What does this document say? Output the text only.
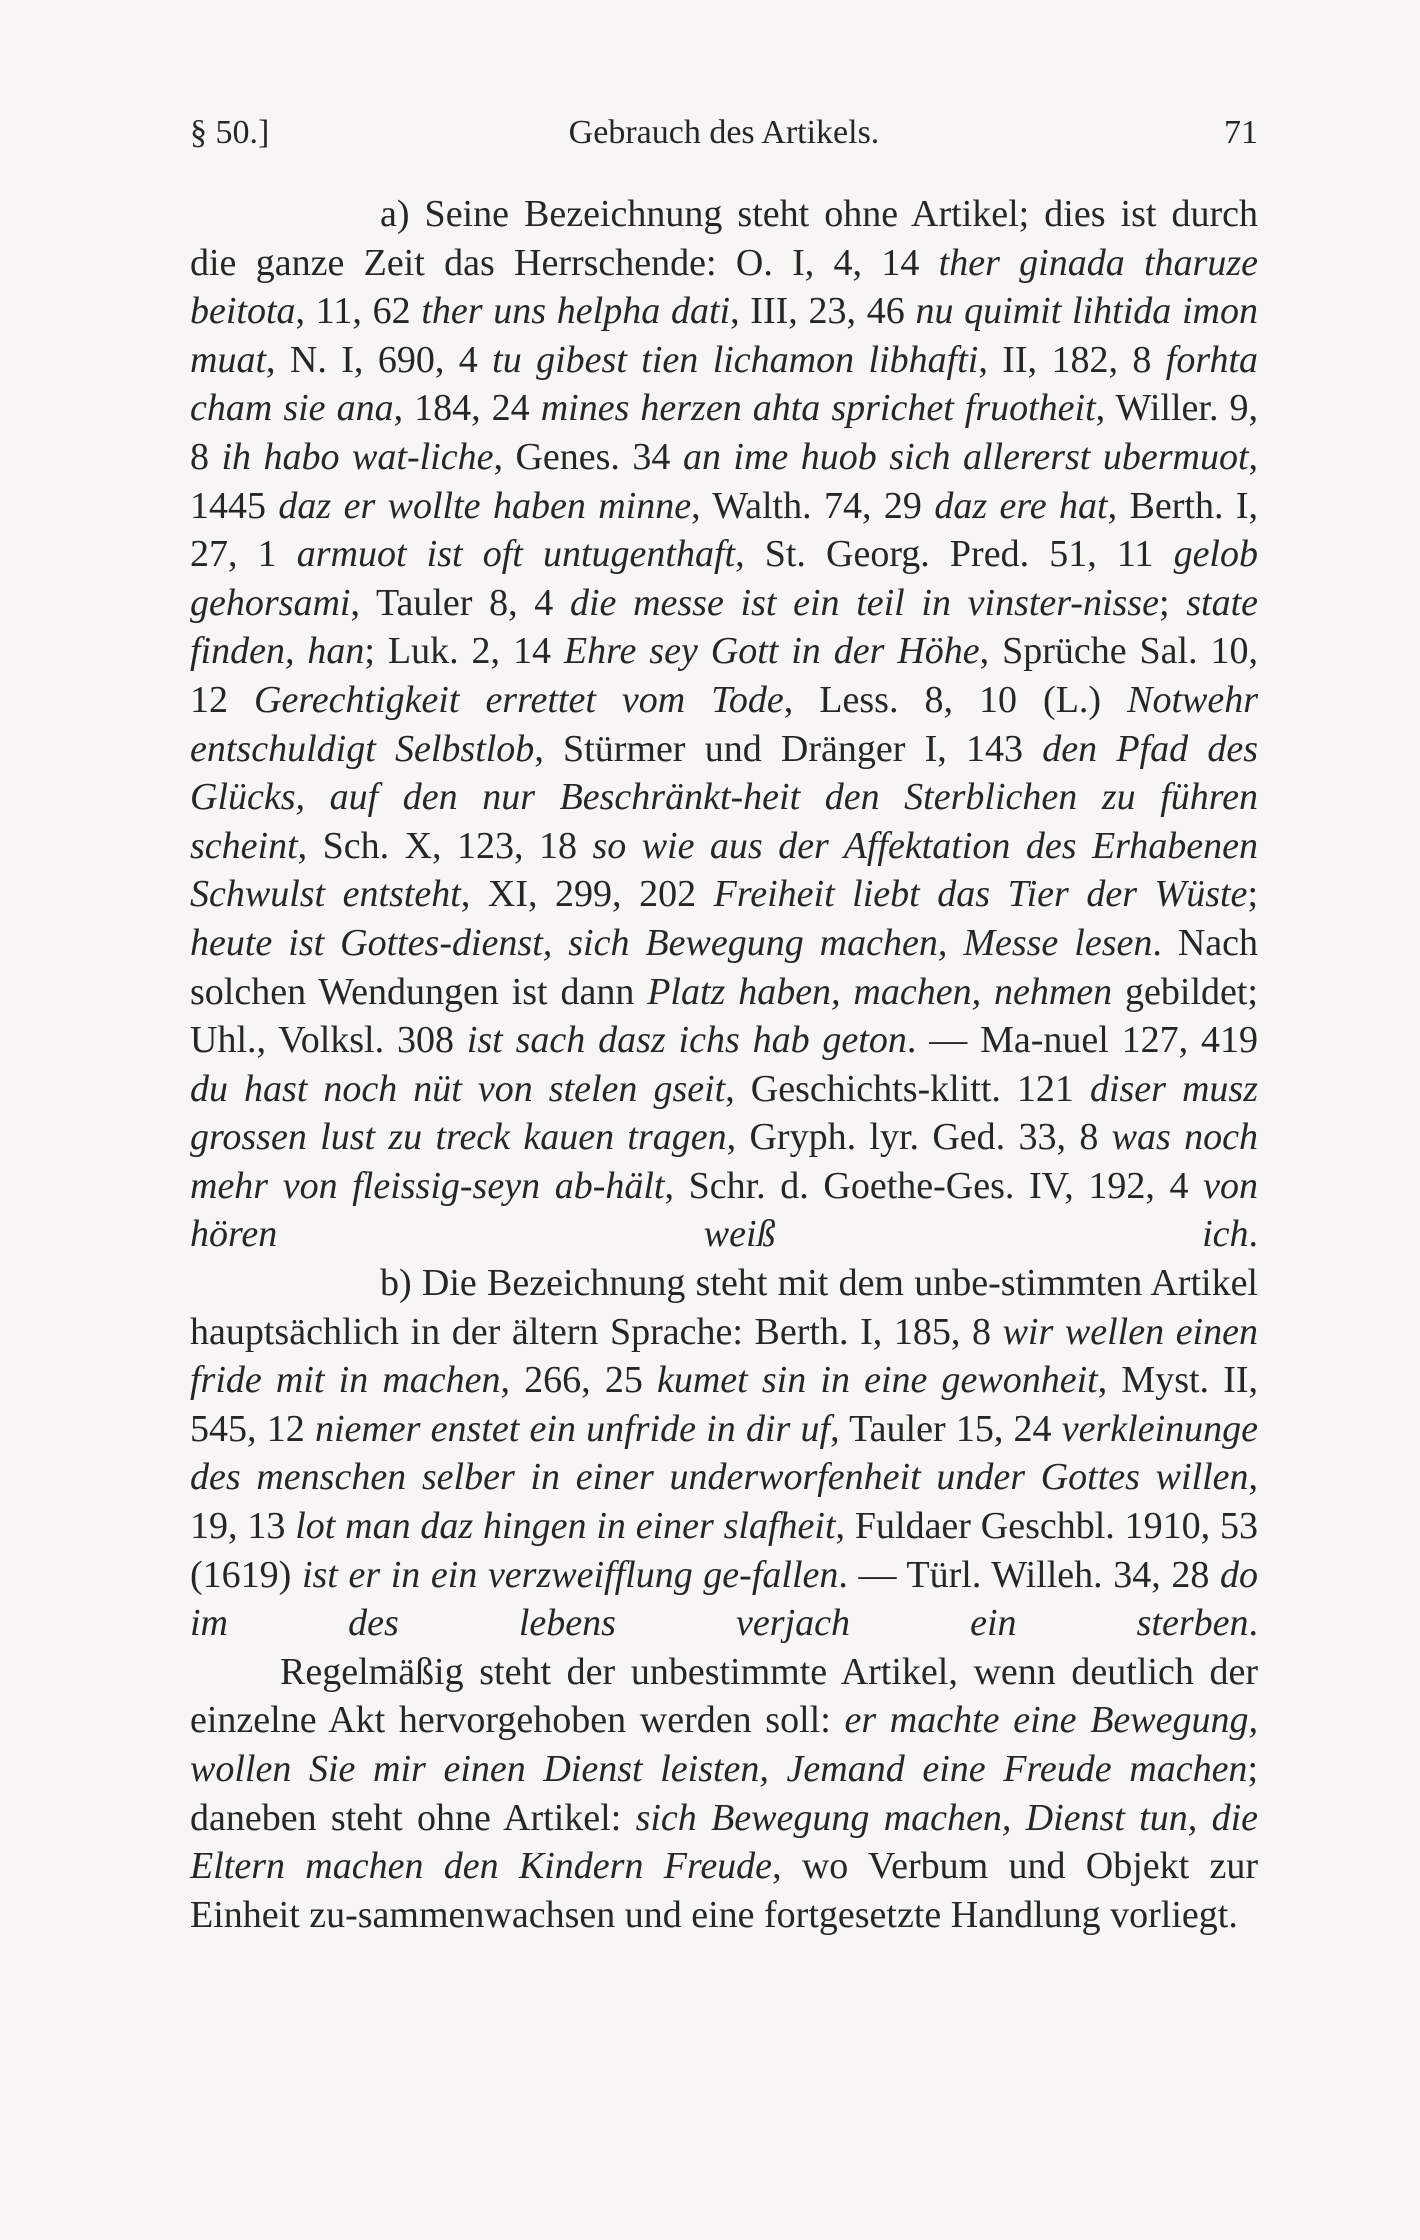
§ 50.]	Gebrauch des Artikels.	71

a) Seine Bezeichnung steht ohne Artikel; dies ist durch die ganze Zeit das Herrschende: O. I, 4, 14 ther ginada tharuze beitota, 11, 62 ther uns helpha dati, III, 23, 46 nu quimit lihtida imon muat, N. I, 690, 4 tu gibest tien lichamon libhafti, II, 182, 8 forhta cham sie ana, 184, 24 mines herzen ahta sprichet fruotheit, Willer. 9, 8 ih habo wat-liche, Genes. 34 an ime huob sich allererst ubermuot, 1445 daz er wollte haben minne, Walth. 74, 29 daz ere hat, Berth. I, 27, 1 armuot ist oft untugenthaft, St. Georg. Pred. 51, 11 gelob gehorsami, Tauler 8, 4 die messe ist ein teil in vinster-nisse; state finden, han; Luk. 2, 14 Ehre sey Gott in der Höhe, Sprüche Sal. 10, 12 Gerechtigkeit errettet vom Tode, Less. 8, 10 (L.) Notwehr entschuldigt Selbstlob, Stürmer und Dränger I, 143 den Pfad des Glücks, auf den nur Beschränkt-heit den Sterblichen zu führen scheint, Sch. X, 123, 18 so wie aus der Affektation des Erhabenen Schwulst entsteht, XI, 299, 202 Freiheit liebt das Tier der Wüste; heute ist Gottes-dienst, sich Bewegung machen, Messe lesen. Nach solchen Wendungen ist dann Platz haben, machen, nehmen gebildet; Uhl., Volksl. 308 ist sach dasz ichs hab geton. — Ma-nuel 127, 419 du hast noch nüt von stelen gseit, Geschichts-klitt. 121 diser musz grossen lust zu treck kauen tragen, Gryph. lyr. Ged. 33, 8 was noch mehr von fleissig-seyn ab-hält, Schr. d. Goethe-Ges. IV, 192, 4 von hören weiß ich.

b) Die Bezeichnung steht mit dem unbe-stimmten Artikel hauptsächlich in der ältern Sprache: Berth. I, 185, 8 wir wellen einen fride mit in machen, 266, 25 kumet sin in eine gewonheit, Myst. II, 545, 12 niemer enstet ein unfride in dir uf, Tauler 15, 24 verkleinunge des menschen selber in einer underworfenheit under Gottes willen, 19, 13 lot man daz hingen in einer slafheit, Fuldaer Geschbl. 1910, 53 (1619) ist er in ein verzweifflung ge-fallen. — Türl. Willeh. 34, 28 do im des lebens verjach ein sterben.

Regelmäßig steht der unbestimmte Artikel, wenn deutlich der einzelne Akt hervorgehoben werden soll: er machte eine Bewegung, wollen Sie mir einen Dienst leisten, Jemand eine Freude machen; daneben steht ohne Artikel: sich Bewegung machen, Dienst tun, die Eltern machen den Kindern Freude, wo Verbum und Objekt zur Einheit zu-sammenwachsen und eine fortgesetzte Handlung vorliegt.
